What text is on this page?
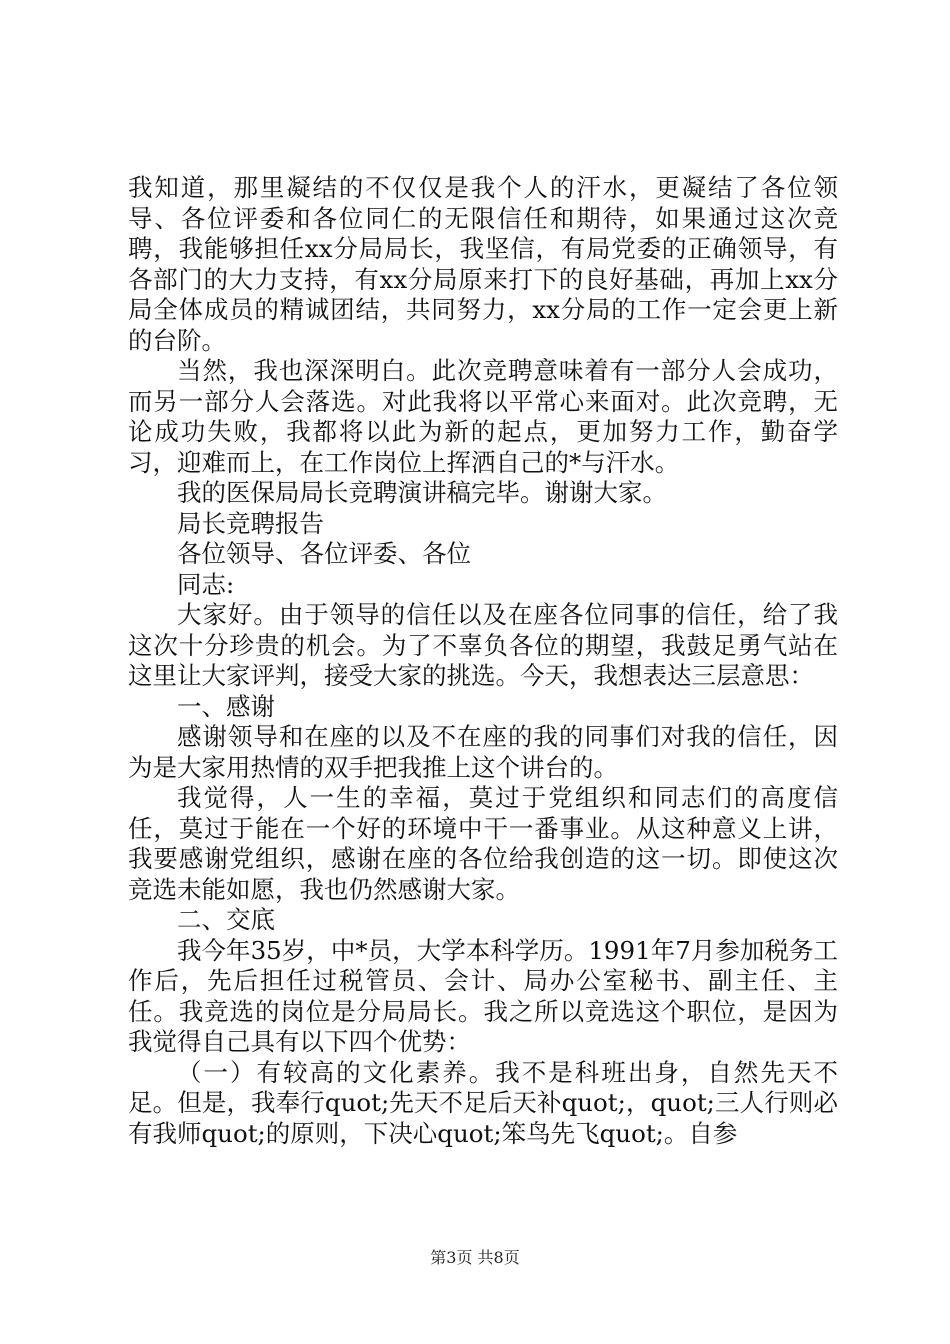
我知道，那里凝结的不仅仅是我个人的汗水，更凝结了各位领导、各位评委和各位同仁的无限信任和期待，如果通过这次竞聘，我能够担任xx分局局长，我坚信，有局党委的正确领导，有各部门的大力支持，有xx分局原来打下的良好基础，再加上xx分局全体成员的精诚团结，共同努力，xx分局的工作一定会更上新的台阶。

当然，我也深深明白。此次竞聘意味着有一部分人会成功，而另一部分人会落选。对此我将以平常心来面对。此次竞聘，无论成功失败，我都将以此为新的起点，更加努力工作，勤奋学习，迎难而上，在工作岗位上挥洒自己的*与汗水。

我的医保局局长竞聘演讲稿完毕。谢谢大家。

局长竞聘报告

各位领导、各位评委、各位

同志:

大家好。由于领导的信任以及在座各位同事的信任，给了我这次十分珍贵的机会。为了不辜负各位的期望，我鼓足勇气站在这里让大家评判，接受大家的挑选。今天，我想表达三层意思：

一、感谢

感谢领导和在座的以及不在座的我的同事们对我的信任，因为是大家用热情的双手把我推上这个讲台的。

我觉得，人一生的幸福，莫过于党组织和同志们的高度信任，莫过于能在一个好的环境中干一番事业。从这种意义上讲，我要感谢党组织，感谢在座的各位给我创造的这一切。即使这次竞选未能如愿，我也仍然感谢大家。

二、交底

我今年35岁，中*员，大学本科学历。1991年7月参加税务工作后，先后担任过税管员、会计、局办公室秘书、副主任、主任。我竞选的岗位是分局局长。我之所以竞选这个职位，是因为我觉得自己具有以下四个优势：

（一）有较高的文化素养。我不是科班出身，自然先天不足。但是，我奉行quot;先天不足后天补quot;，quot;三人行则必有我师quot;的原则，下决心quot;笨鸟先飞quot;。自参

第3页 共8页
